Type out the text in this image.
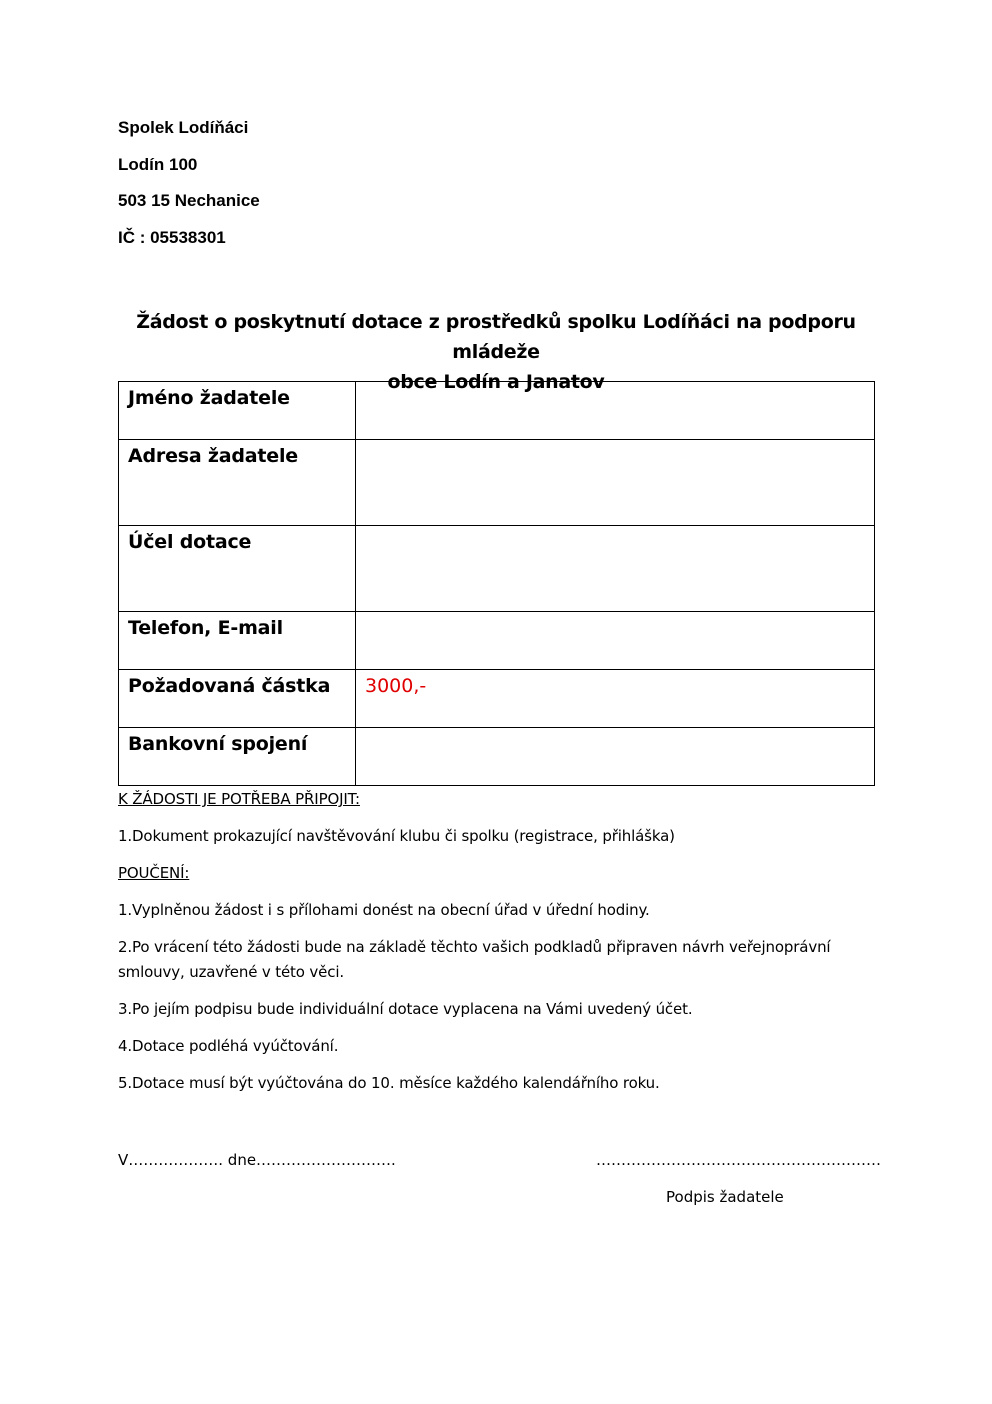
Spolek Lodíňáci
Lodín 100
503 15 Nechanice
IČ : 05538301
Žádost o poskytnutí dotace z prostředků spolku Lodíňáci na podporu mládeže
obce Lodín a Janatov
Jméno žadatele	
Adresa žadatele	
Účel dotace	
Telefon, E-mail	
Požadovaná částka	3000,-
Bankovní spojení	

K ŽÁDOSTI JE POTŘEBA PŘIPOJIT:

1.Dokument prokazující navštěvování klubu či spolku (registrace, přihláška)

POUČENÍ:

1.Vyplněnou žádost i s přílohami donést na obecní úřad v úřední hodiny.

2.Po vrácení této žádosti bude na základě těchto vašich podkladů připraven návrh veřejnoprávní smlouvy, uzavřené v této věci.

3.Po jejím podpisu bude individuální dotace vyplacena na Vámi uvedený účet.

4.Dotace podléhá vyúčtování.

5.Dotace musí být vyúčtována do 10. měsíce každého kalendářního roku.

V………………. dne……………………….	…………………………………………………
Podpis žadatele
